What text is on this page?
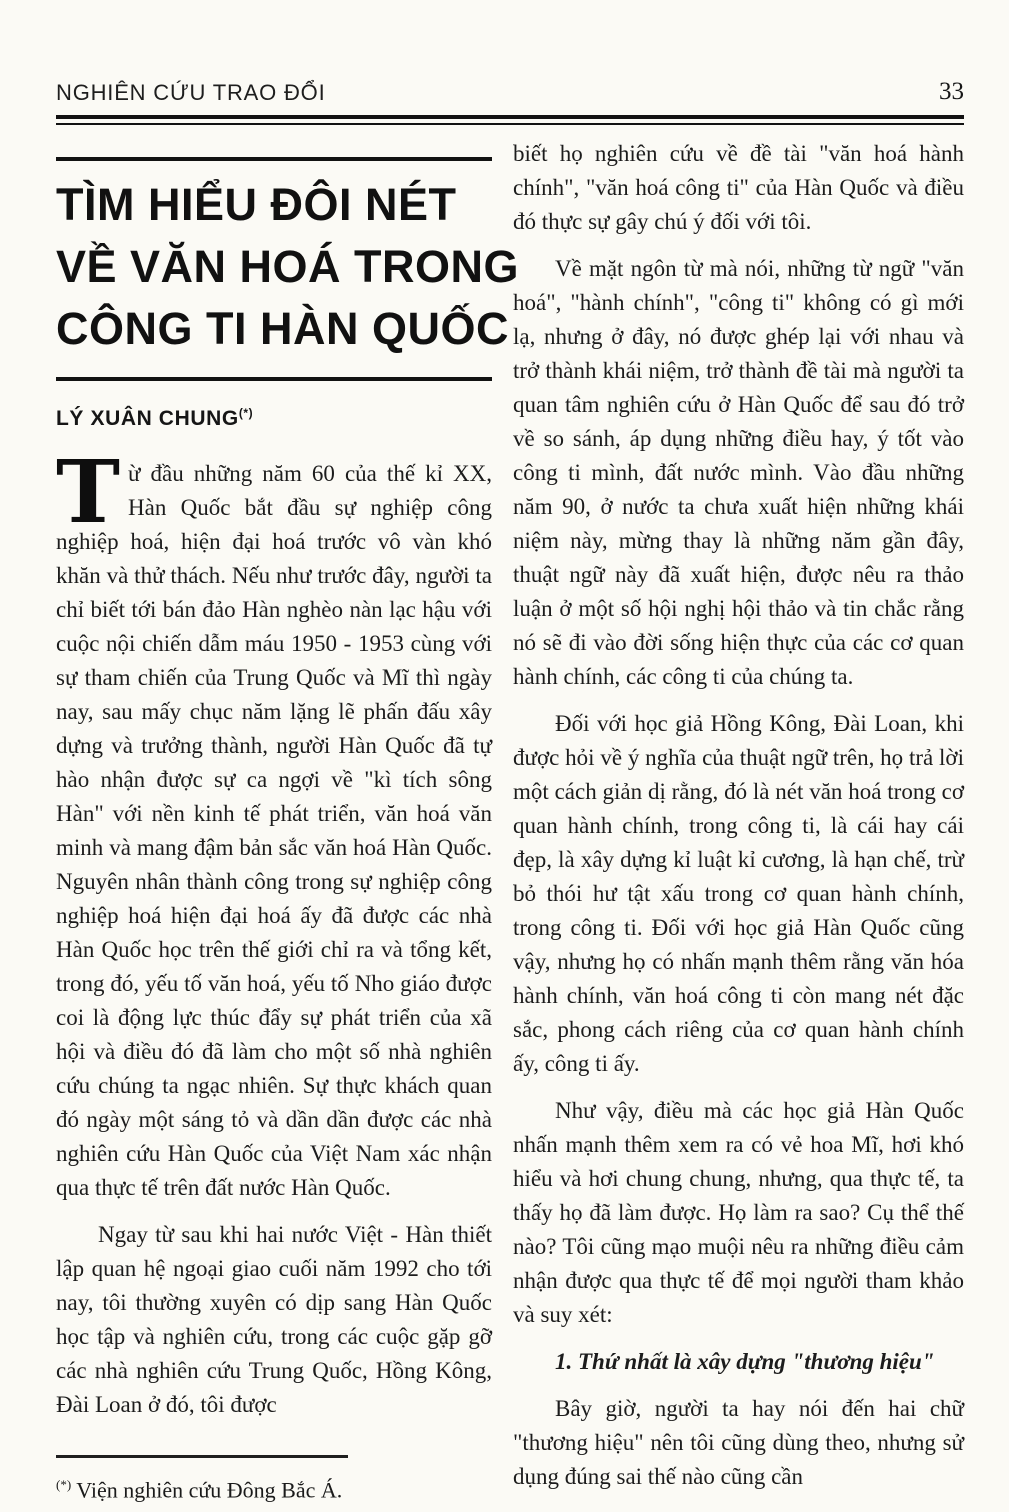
NGHIÊN CỨU TRAO ĐỔI	33
TÌM HIỂU ĐÔI NÉT
VỀ VĂN HOÁ TRONG
CÔNG TI HÀN QUỐC
LÝ XUÂN CHUNG(*)

Từ đầu những năm 60 của thế kỉ XX, Hàn Quốc bắt đầu sự nghiệp công nghiệp hoá, hiện đại hoá trước vô vàn khó khăn và thử thách. Nếu như trước đây, người ta chỉ biết tới bán đảo Hàn nghèo nàn lạc hậu với cuộc nội chiến dẫm máu 1950 - 1953 cùng với sự tham chiến của Trung Quốc và Mĩ thì ngày nay, sau mấy chục năm lặng lẽ phấn đấu xây dựng và trưởng thành, người Hàn Quốc đã tự hào nhận được sự ca ngợi về "kì tích sông Hàn" với nền kinh tế phát triển, văn hoá văn minh và mang đậm bản sắc văn hoá Hàn Quốc. Nguyên nhân thành công trong sự nghiệp công nghiệp hoá hiện đại hoá ấy đã được các nhà Hàn Quốc học trên thế giới chỉ ra và tổng kết, trong đó, yếu tố văn hoá, yếu tố Nho giáo được coi là động lực thúc đẩy sự phát triển của xã hội và điều đó đã làm cho một số nhà nghiên cứu chúng ta ngạc nhiên. Sự thực khách quan đó ngày một sáng tỏ và dần dần được các nhà nghiên cứu Hàn Quốc của Việt Nam xác nhận qua thực tế trên đất nước Hàn Quốc.

Ngay từ sau khi hai nước Việt - Hàn thiết lập quan hệ ngoại giao cuối năm 1992 cho tới nay, tôi thường xuyên có dịp sang Hàn Quốc học tập và nghiên cứu, trong các cuộc gặp gỡ các nhà nghiên cứu Trung Quốc, Hồng Kông, Đài Loan ở đó, tôi được

(*) Viện nghiên cứu Đông Bắc Á.

biết họ nghiên cứu về đề tài "văn hoá hành chính", "văn hoá công ti" của Hàn Quốc và điều đó thực sự gây chú ý đối với tôi.

Về mặt ngôn từ mà nói, những từ ngữ "văn hoá", "hành chính", "công ti" không có gì mới lạ, nhưng ở đây, nó được ghép lại với nhau và trở thành khái niệm, trở thành đề tài mà người ta quan tâm nghiên cứu ở Hàn Quốc để sau đó trở về so sánh, áp dụng những điều hay, ý tốt vào công ti mình, đất nước mình. Vào đầu những năm 90, ở nước ta chưa xuất hiện những khái niệm này, mừng thay là những năm gần đây, thuật ngữ này đã xuất hiện, được nêu ra thảo luận ở một số hội nghị hội thảo và tin chắc rằng nó sẽ đi vào đời sống hiện thực của các cơ quan hành chính, các công ti của chúng ta.

Đối với học giả Hồng Kông, Đài Loan, khi được hỏi về ý nghĩa của thuật ngữ trên, họ trả lời một cách giản dị rằng, đó là nét văn hoá trong cơ quan hành chính, trong công ti, là cái hay cái đẹp, là xây dựng kỉ luật kỉ cương, là hạn chế, trừ bỏ thói hư tật xấu trong cơ quan hành chính, trong công ti. Đối với học giả Hàn Quốc cũng vậy, nhưng họ có nhấn mạnh thêm rằng văn hóa hành chính, văn hoá công ti còn mang nét đặc sắc, phong cách riêng của cơ quan hành chính ấy, công ti ấy.

Như vậy, điều mà các học giả Hàn Quốc nhấn mạnh thêm xem ra có vẻ hoa Mĩ, hơi khó hiểu và hơi chung chung, nhưng, qua thực tế, ta thấy họ đã làm được. Họ làm ra sao? Cụ thể thế nào? Tôi cũng mạo muội nêu ra những điều cảm nhận được qua thực tế để mọi người tham khảo và suy xét:

1. Thứ nhất là xây dựng "thương hiệu"

Bây giờ, người ta hay nói đến hai chữ "thương hiệu" nên tôi cũng dùng theo, nhưng sử dụng đúng sai thế nào cũng cần
